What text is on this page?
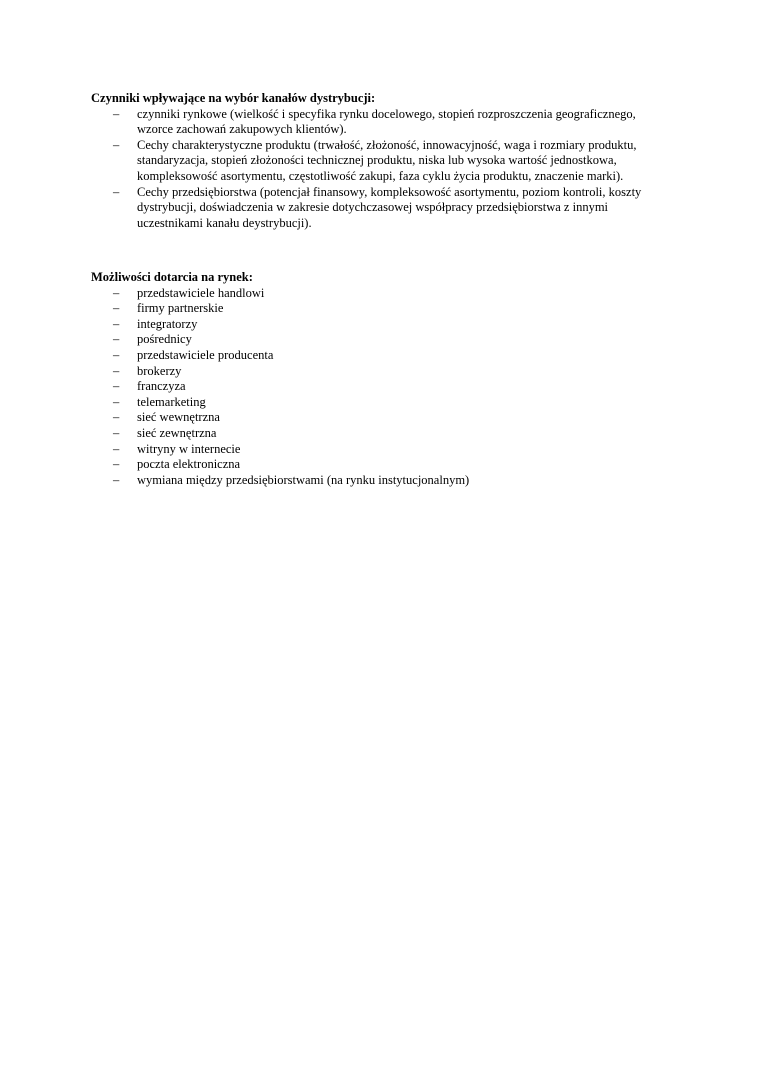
Czynniki wpływające na wybór kanałów dystrybucji:

– czynniki rynkowe (wielkość i specyfika rynku docelowego, stopień rozproszczenia geograficznego, wzorce zachowań zakupowych klientów).
– Cechy charakterystyczne produktu (trwałość, złożoność, innowacyjność, waga i rozmiary produktu, standaryzacja, stopień złożoności technicznej produktu, niska lub wysoka wartość jednostkowa, kompleksowość asortymentu, częstotliwość zakupi, faza cyklu życia produktu, znaczenie marki).
– Cechy przedsiębiorstwa (potencjał finansowy, kompleksowość asortymentu, poziom kontroli, koszty dystrybucji, doświadczenia w zakresie dotychczasowej współpracy przedsiębiorstwa z innymi uczestnikami kanału deystrybucji).

Możliwości dotarcia na rynek:

– przedstawiciele handlowi
– firmy partnerskie
– integratorzy
– pośrednicy
– przedstawiciele producenta
– brokerzy
– franczyza
– telemarketing
– sieć wewnętrzna
– sieć zewnętrzna
– witryny w internecie
– poczta elektroniczna
– wymiana między przedsiębiorstwami (na rynku instytucjonalnym)
